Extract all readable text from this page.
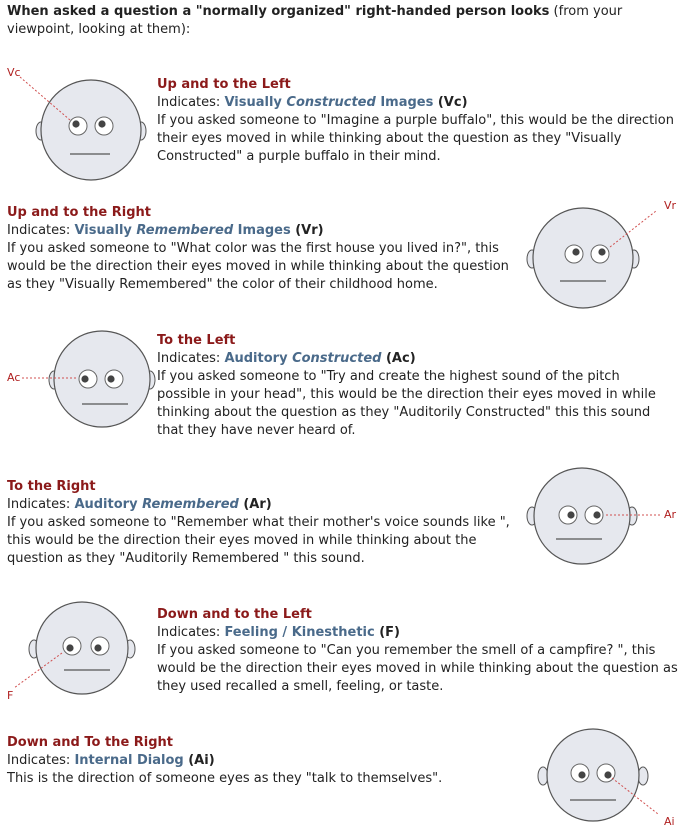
When asked a question a "normally organized" right-handed person looks (from your viewpoint, looking at them):
Up and to the Left
Indicates: Visually Constructed Images (Vc)
If you asked someone to "Imagine a purple buffalo", this would be the direction their eyes moved in while thinking about the question as they "Visually Constructed" a purple buffalo in their mind.
Vc
Up and to the Right
Indicates: Visually Remembered Images (Vr)
If you asked someone to "What color was the first house you lived in?", this would be the direction their eyes moved in while thinking about the question as they "Visually Remembered" the color of their childhood home.
Vr
To the Left
Indicates: Auditory Constructed (Ac)
If you asked someone to "Try and create the highest sound of the pitch possible in your head", this would be the direction their eyes moved in while thinking about the question as they "Auditorily Constructed" this this sound that they have never heard of.
Ac
To the Right
Indicates: Auditory Remembered (Ar)
If you asked someone to "Remember what their mother's voice sounds like ", this would be the direction their eyes moved in while thinking about the question as they "Auditorily Remembered " this sound.
Ar
Down and to the Left
Indicates: Feeling / Kinesthetic (F)
If you asked someone to "Can you remember the smell of a campfire? ", this would be the direction their eyes moved in while thinking about the question as they used recalled a smell, feeling, or taste.
F
Down and To the Right
Indicates: Internal Dialog (Ai)
This is the direction of someone eyes as they "talk to themselves".
Ai
